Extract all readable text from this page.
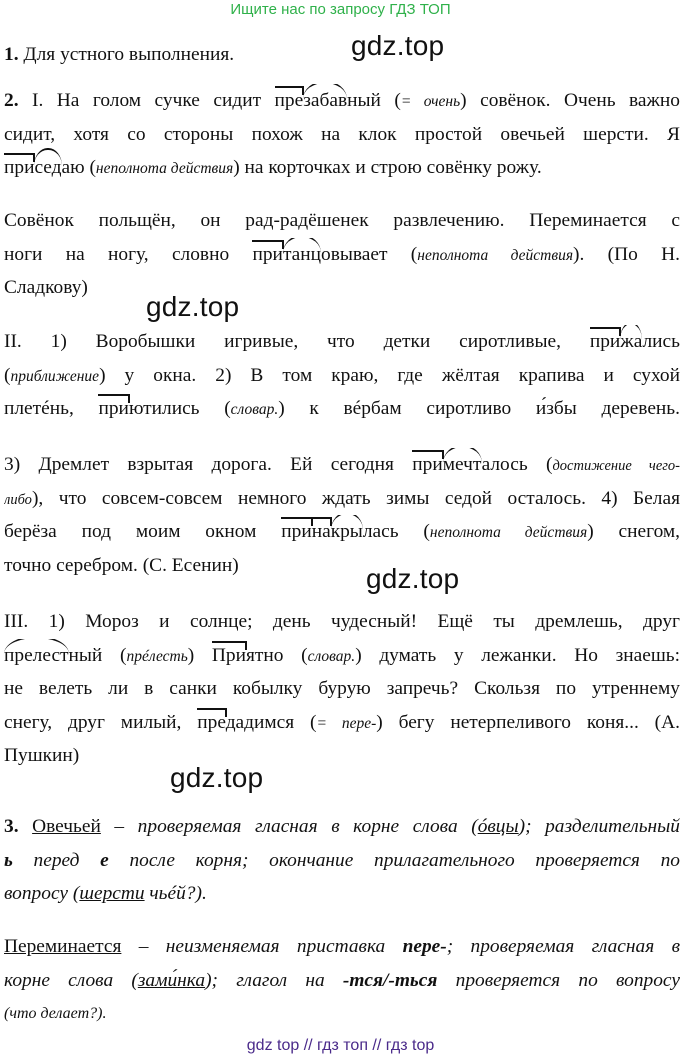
Ищите нас по запросу ГДЗ ТОП
gdz.top
gdz.top
gdz.top
gdz.top
1. Для устного выполнения.
2. I. На голом сучке сидит презабавный (= очень) совёнок. Очень важно
сидит, хотя со стороны похож на клок простой овечьей шерсти. Я
приседаю (неполнота действия) на корточках и строю совёнку рожу.
Совёнок польщён, он рад-радёшенек развлечению. Переминается с
ноги на ногу, словно пританцовывает (неполнота действия). (По Н.
Сладкову)
II. 1) Воробышки игривые, что детки сиротливые, прижались
(приближение) у окна. 2) В том краю, где жёлтая крапива и сухой
плетéнь, приютились (словар.) к вéрбам сиротливо и́збы деревень.
3) Дремлет взрытая дорога. Ей сегодня примечталось (достижение чего-
либо), что совсем-совсем немного ждать зимы седой осталось. 4) Белая
берёза под моим окном принакрылась (неполнота действия) снегом,
точно серебром. (С. Есенин)
III. 1) Мороз и солнце; день чудесный! Ещё ты дремлешь, друг
прелестный (прéлесть) Приятно (словар.) думать у лежанки. Но знаешь:
не велеть ли в санки кобылку бурую запречь? Скользя по утреннему
снегу, друг милый, предадимся (= пере-) бегу нетерпеливого коня... (А.
Пушкин)
3. Овечьей – проверяемая гласная в корне слова (óвцы); разделительный
ь перед е после корня; окончание прилагательного проверяется по
вопросу (шерсти чьéй?).
Переминается – неизменяемая приставка пере-; проверяемая гласная в
корне слова (зами́нка); глагол на -тся/-ться проверяется по вопросу
(что делает?).
gdz top // гдз топ // гдз top
